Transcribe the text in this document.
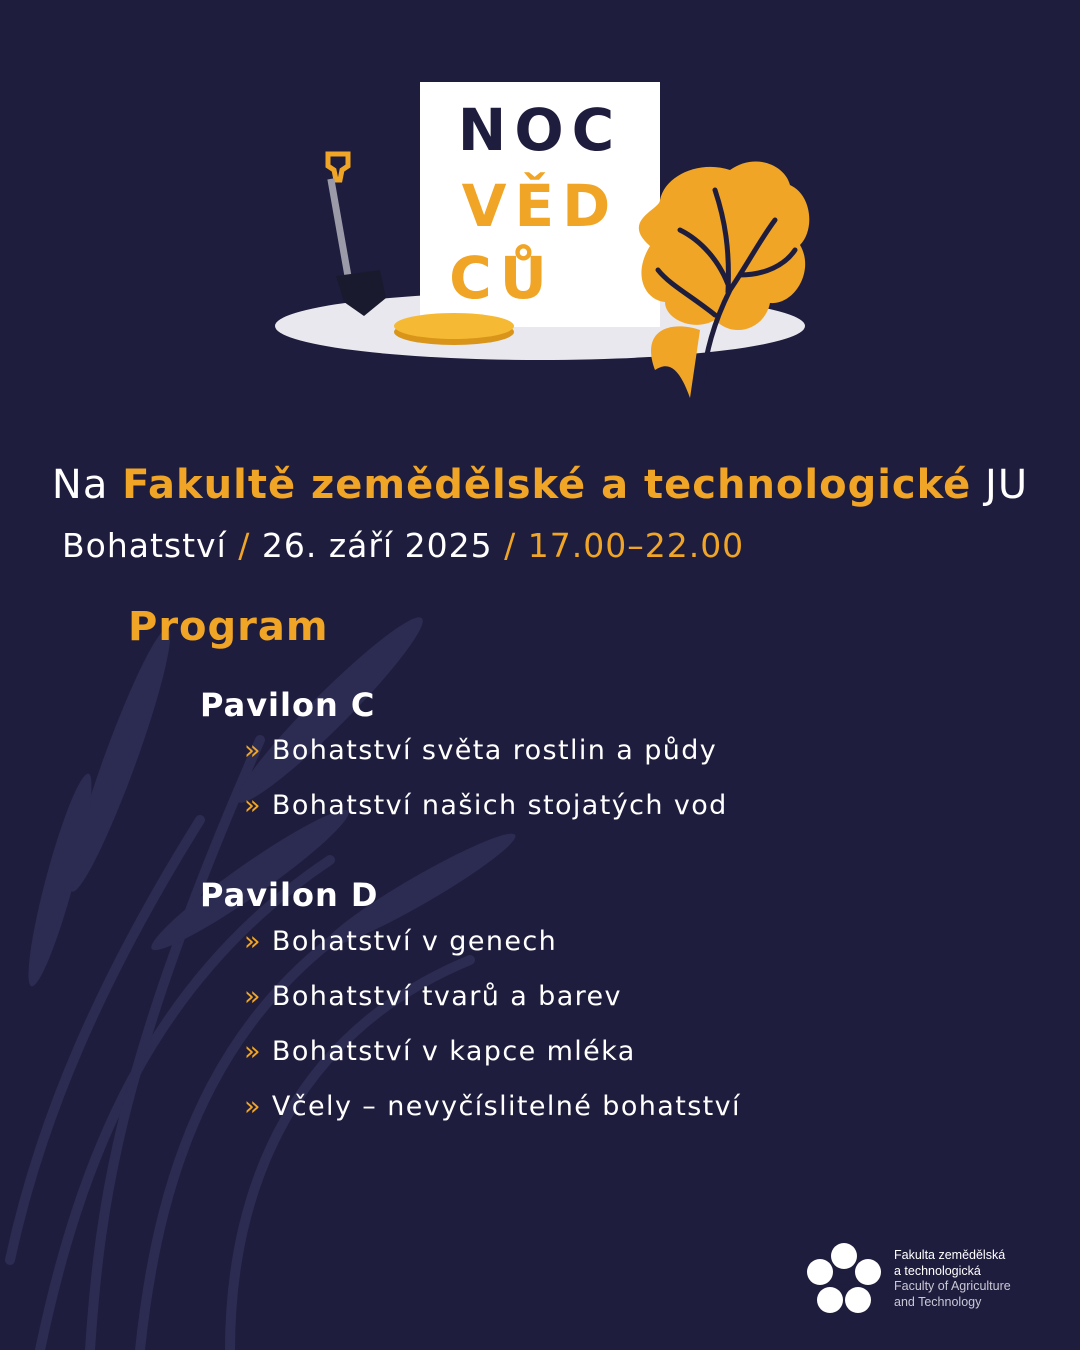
NOC
VĚD
CŮ
Na Fakultě zemědělské a technologické JU
Bohatství / 26. září 2025 / 17.00–22.00
Program
Pavilon C
» Bohatství světa rostlin a půdy
» Bohatství našich stojatých vod
Pavilon D
» Bohatství v genech
» Bohatství tvarů a barev
» Bohatství v kapce mléka
» Včely – nevyčíslitelné bohatství
Fakulta zemědělská
a technologická
Faculty of Agriculture
and Technology
